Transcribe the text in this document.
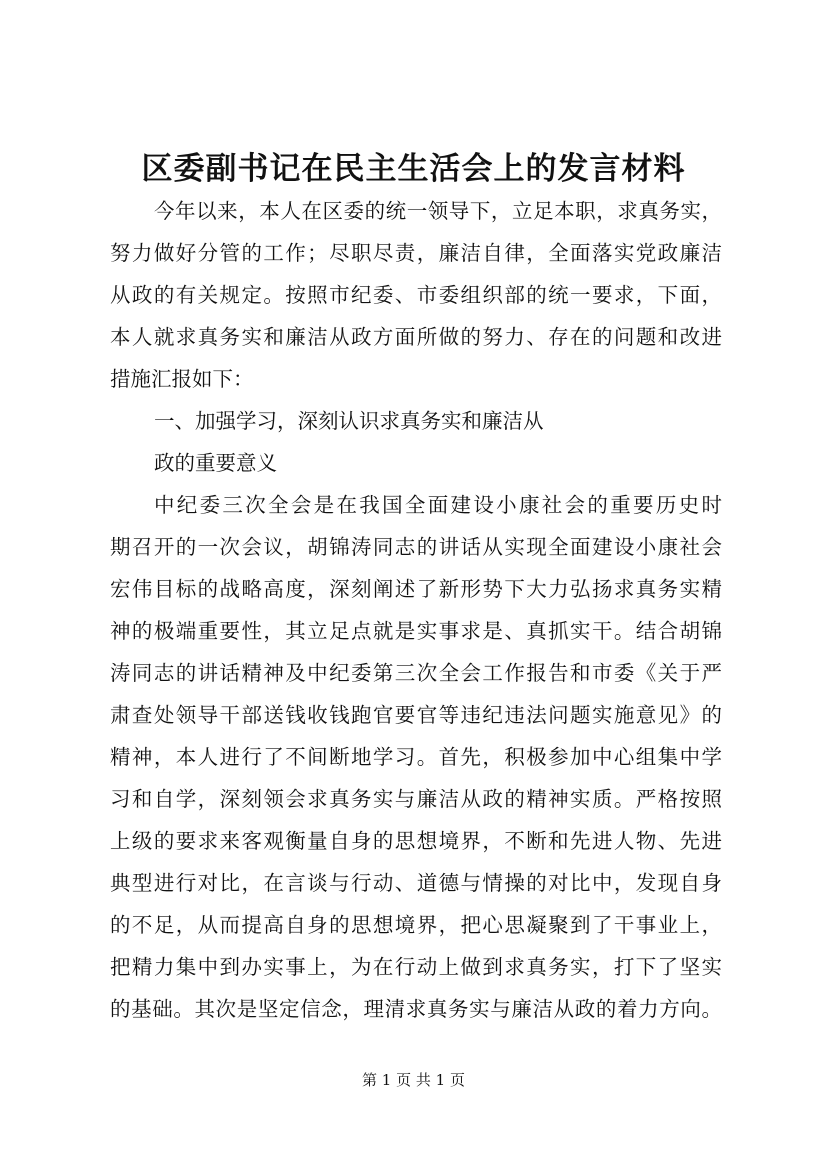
区委副书记在民主生活会上的发言材料
今年以来，本人在区委的统一领导下，立足本职，求真务实，
努力做好分管的工作；尽职尽责，廉洁自律，全面落实党政廉洁
从政的有关规定。按照市纪委、市委组织部的统一要求，下面，
本人就求真务实和廉洁从政方面所做的努力、存在的问题和改进
措施汇报如下：
一、加强学习，深刻认识求真务实和廉洁从
政的重要意义
中纪委三次全会是在我国全面建设小康社会的重要历史时
期召开的一次会议，胡锦涛同志的讲话从实现全面建设小康社会
宏伟目标的战略高度，深刻阐述了新形势下大力弘扬求真务实精
神的极端重要性，其立足点就是实事求是、真抓实干。结合胡锦
涛同志的讲话精神及中纪委第三次全会工作报告和市委《关于严
肃查处领导干部送钱收钱跑官要官等违纪违法问题实施意见》的
精神，本人进行了不间断地学习。首先，积极参加中心组集中学
习和自学，深刻领会求真务实与廉洁从政的精神实质。严格按照
上级的要求来客观衡量自身的思想境界，不断和先进人物、先进
典型进行对比，在言谈与行动、道德与情操的对比中，发现自身
的不足，从而提高自身的思想境界，把心思凝聚到了干事业上，
把精力集中到办实事上，为在行动上做到求真务实，打下了坚实
的基础。其次是坚定信念，理清求真务实与廉洁从政的着力方向。
第 1 页 共 1 页
